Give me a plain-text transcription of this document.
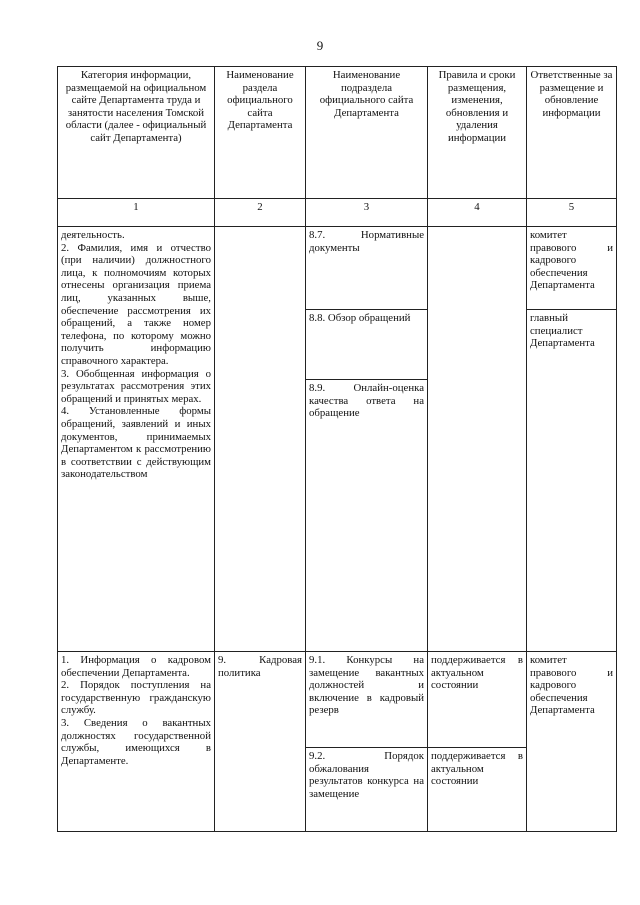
9
Категория информации, размещаемой на официальном сайте Департамента труда и занятости населения Томской области (далее - официальный сайт Департамента)	Наименование раздела официального сайта Департамента	Наименование подраздела официального сайта Департамента	Правила и сроки размещения, изменения, обновления и удаления информации	Ответственные за размещение и обновление информации
1	2	3	4	5

деятельность.

2. Фамилия, имя и отчество (при наличии) должностного лица, к полномочиям которых отнесены организация приема лиц, указанных выше, обеспечение рассмотрения их обращений, а также номер телефона, по которому можно получить информацию справочного характера.

3. Обобщенная информация о результатах рассмотрения этих обращений и принятых мерах.

4. Установленные формы обращений, заявлений и иных документов, принимаемых Департаментом к рассмотрению в соответствии с действующим законодательством		8.7. Нормативные документы		комитет правового и кадрового обеспечения Департамента
		8.8. Обзор обращений		главный специалист Департамента
		8.9. Онлайн-оценка качества ответа на обращение		

1. Информация о кадровом обеспечении Департамента.

2. Порядок поступления на государственную гражданскую службу.

3. Сведения о вакантных должностях государственной службы, имеющихся в Департаменте.	9. Кадровая политика	9.1. Конкурсы на замещение вакантных должностей и включение в кадровый резерв	поддерживается в актуальном состоянии	комитет правового и кадрового обеспечения Департамента
		9.2. Порядок обжалования результатов конкурса на замещение	поддерживается в актуальном состоянии	
